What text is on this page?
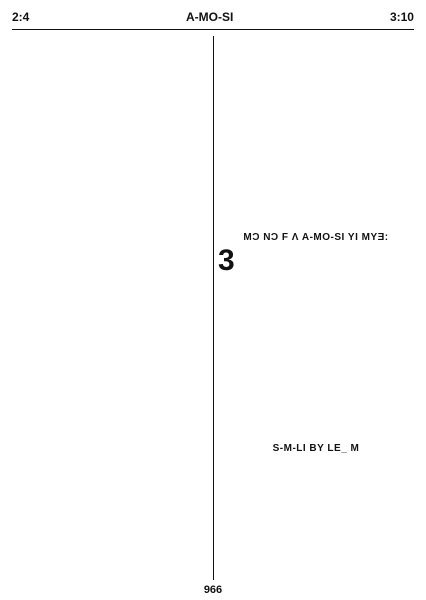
2:4	A-MO-SI	3:10
MƆ NƆ F Ʌ A-MO-SI YI MYƎ:
3
S-M-LI BY LE_ M
966
